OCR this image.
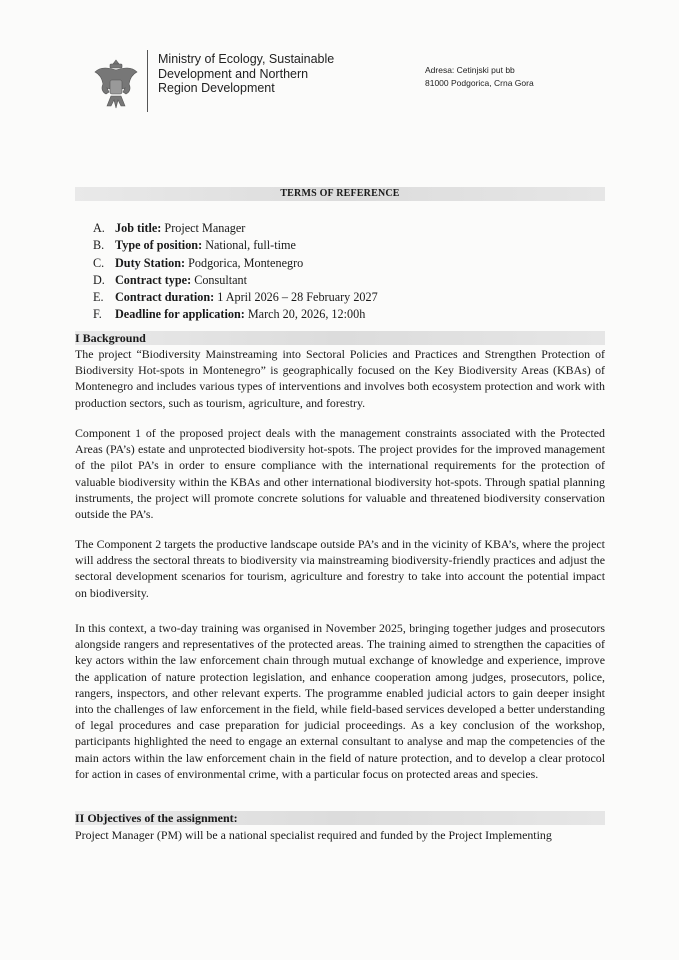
Ministry of Ecology, Sustainable
Development and Northern
Region Development
Adresa: Cetinjski put bb
81000 Podgorica, Crna Gora
TERMS OF REFERENCE
A. Job title: Project Manager
B. Type of position: National, full-time
C. Duty Station: Podgorica, Montenegro
D. Contract type: Consultant
E. Contract duration: 1 April 2026 – 28 February 2027
F.	Deadline for application: March 20, 2026, 12:00h
I Background

The project “Biodiversity Mainstreaming into Sectoral Policies and Practices and Strengthen Protection of Biodiversity Hot-spots in Montenegro” is geographically focused on the Key Biodiversity Areas (KBAs) of Montenegro and includes various types of interventions and involves both ecosystem protection and work with production sectors, such as tourism, agriculture, and forestry.

Component 1 of the proposed project deals with the management constraints associated with the Protected Areas (PA’s) estate and unprotected biodiversity hot-spots. The project provides for the improved management of the pilot PA’s in order to ensure compliance with the international requirements for the protection of valuable biodiversity within the KBAs and other international biodiversity hot-spots. Through spatial planning instruments, the project will promote concrete solutions for valuable and threatened biodiversity conservation outside the PA’s.

The Component 2 targets the productive landscape outside PA’s and in the vicinity of KBA’s, where the project will address the sectoral threats to biodiversity via mainstreaming biodiversity-friendly practices and adjust the sectoral development scenarios for tourism, agriculture and forestry to take into account the potential impact on biodiversity.

In this context, a two-day training was organised in November 2025, bringing together judges and prosecutors alongside rangers and representatives of the protected areas. The training aimed to strengthen the capacities of key actors within the law enforcement chain through mutual exchange of knowledge and experience, improve the application of nature protection legislation, and enhance cooperation among judges, prosecutors, police, rangers, inspectors, and other relevant experts. The programme enabled judicial actors to gain deeper insight into the challenges of law enforcement in the field, while field-based services developed a better understanding of legal procedures and case preparation for judicial proceedings. As a key conclusion of the workshop, participants highlighted the need to engage an external consultant to analyse and map the competencies of the main actors within the law enforcement chain in the field of nature protection, and to develop a clear protocol for action in cases of environmental crime, with a particular focus on protected areas and species.

II Objectives of the assignment:

Project Manager (PM) will be a national specialist required and funded by the Project Implementing
